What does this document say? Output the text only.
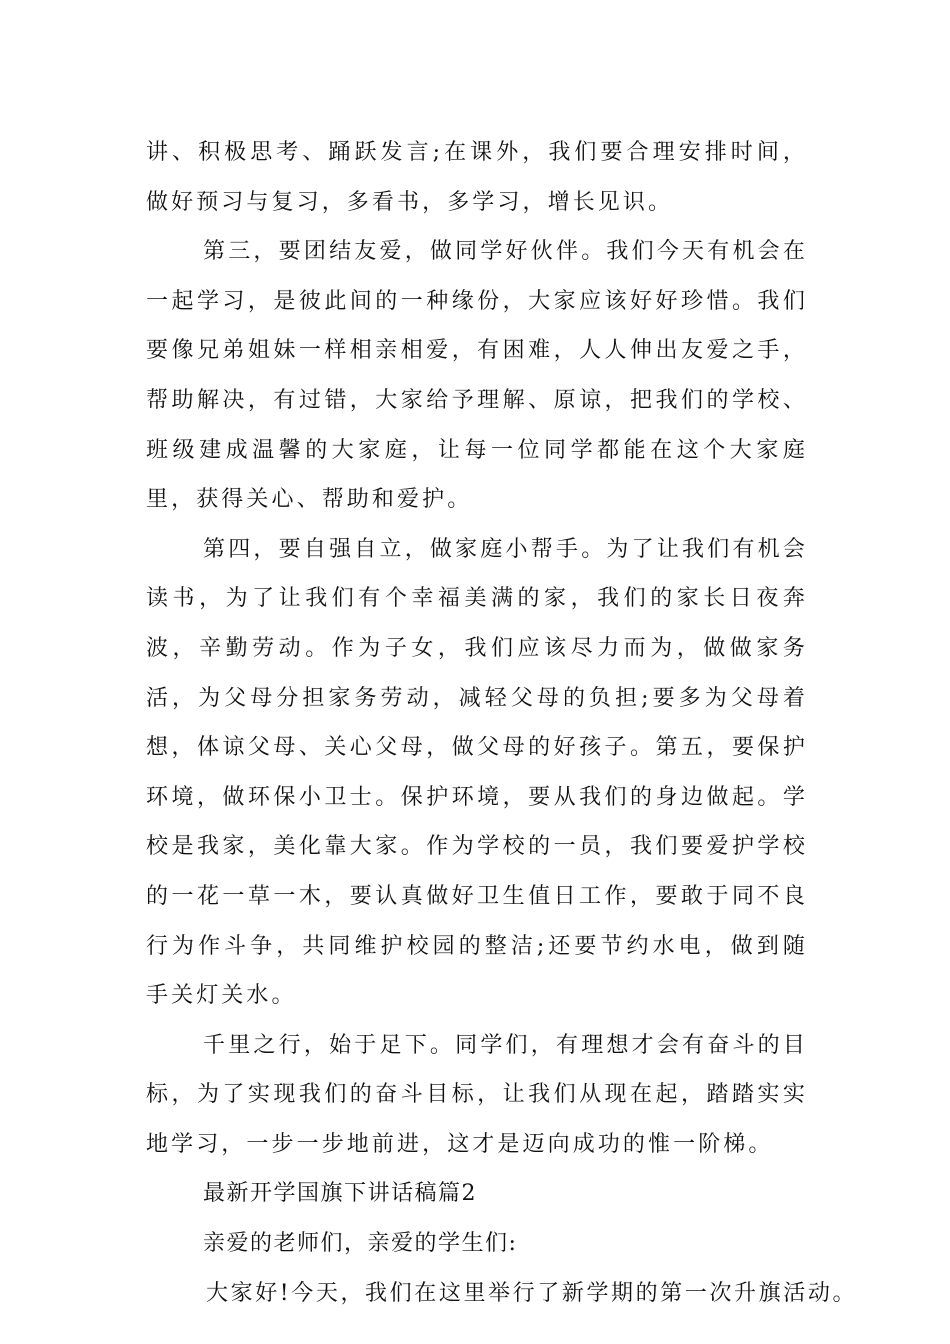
讲、积极思考、踊跃发言;在课外，我们要合理安排时间，做好预习与复习，多看书，多学习，增长见识。

第三，要团结友爱，做同学好伙伴。我们今天有机会在一起学习，是彼此间的一种缘份，大家应该好好珍惜。我们要像兄弟姐妹一样相亲相爱，有困难，人人伸出友爱之手，帮助解决，有过错，大家给予理解、原谅，把我们的学校、班级建成温馨的大家庭，让每一位同学都能在这个大家庭里，获得关心、帮助和爱护。

第四，要自强自立，做家庭小帮手。为了让我们有机会读书，为了让我们有个幸福美满的家，我们的家长日夜奔波，辛勤劳动。作为子女，我们应该尽力而为，做做家务活，为父母分担家务劳动，减轻父母的负担;要多为父母着想，体谅父母、关心父母，做父母的好孩子。第五，要保护环境，做环保小卫士。保护环境，要从我们的身边做起。学校是我家，美化靠大家。作为学校的一员，我们要爱护学校的一花一草一木，要认真做好卫生值日工作，要敢于同不良行为作斗争，共同维护校园的整洁;还要节约水电，做到随手关灯关水。

千里之行，始于足下。同学们，有理想才会有奋斗的目标，为了实现我们的奋斗目标，让我们从现在起，踏踏实实地学习，一步一步地前进，这才是迈向成功的惟一阶梯。

最新开学国旗下讲话稿篇2

亲爱的老师们，亲爱的学生们:

大家好!今天，我们在这里举行了新学期的第一次升旗活动。
